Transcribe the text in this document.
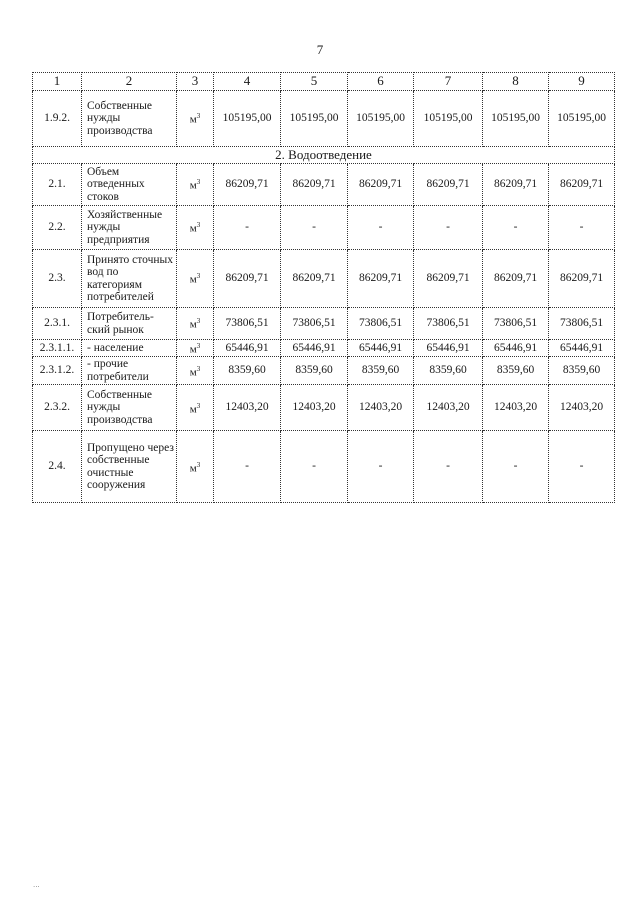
7
1	2	3	4	5	6	7	8	9
1.9.2.	Собственные нужды производства	$м^3$	105195,00	105195,00	105195,00	105195,00	105195,00	105195,00
2. Водоотведение								
2.1.	Объем отведенных стоков	$м^3$	86209,71	86209,71	86209,71	86209,71	86209,71	86209,71
2.2.	Хозяйственные нужды предприятия	$м^3$	-	-	-	-	-	-
2.3.	Принято сточных вод по категориям потребителей	$м^3$	86209,71	86209,71	86209,71	86209,71	86209,71	86209,71
2.3.1.	Потребитель-ский рынок	$м^3$	73806,51	73806,51	73806,51	73806,51	73806,51	73806,51
2.3.1.1.	- население	$м^3$	65446,91	65446,91	65446,91	65446,91	65446,91	65446,91
2.3.1.2.	- прочие потребители	$м^3$	8359,60	8359,60	8359,60	8359,60	8359,60	8359,60
2.3.2.	Собственные нужды производства	$м^3$	12403,20	12403,20	12403,20	12403,20	12403,20	12403,20
2.4.	Пропущено через собственные очистные сооружения	$м^3$	-	-	-	-	-	-
...
